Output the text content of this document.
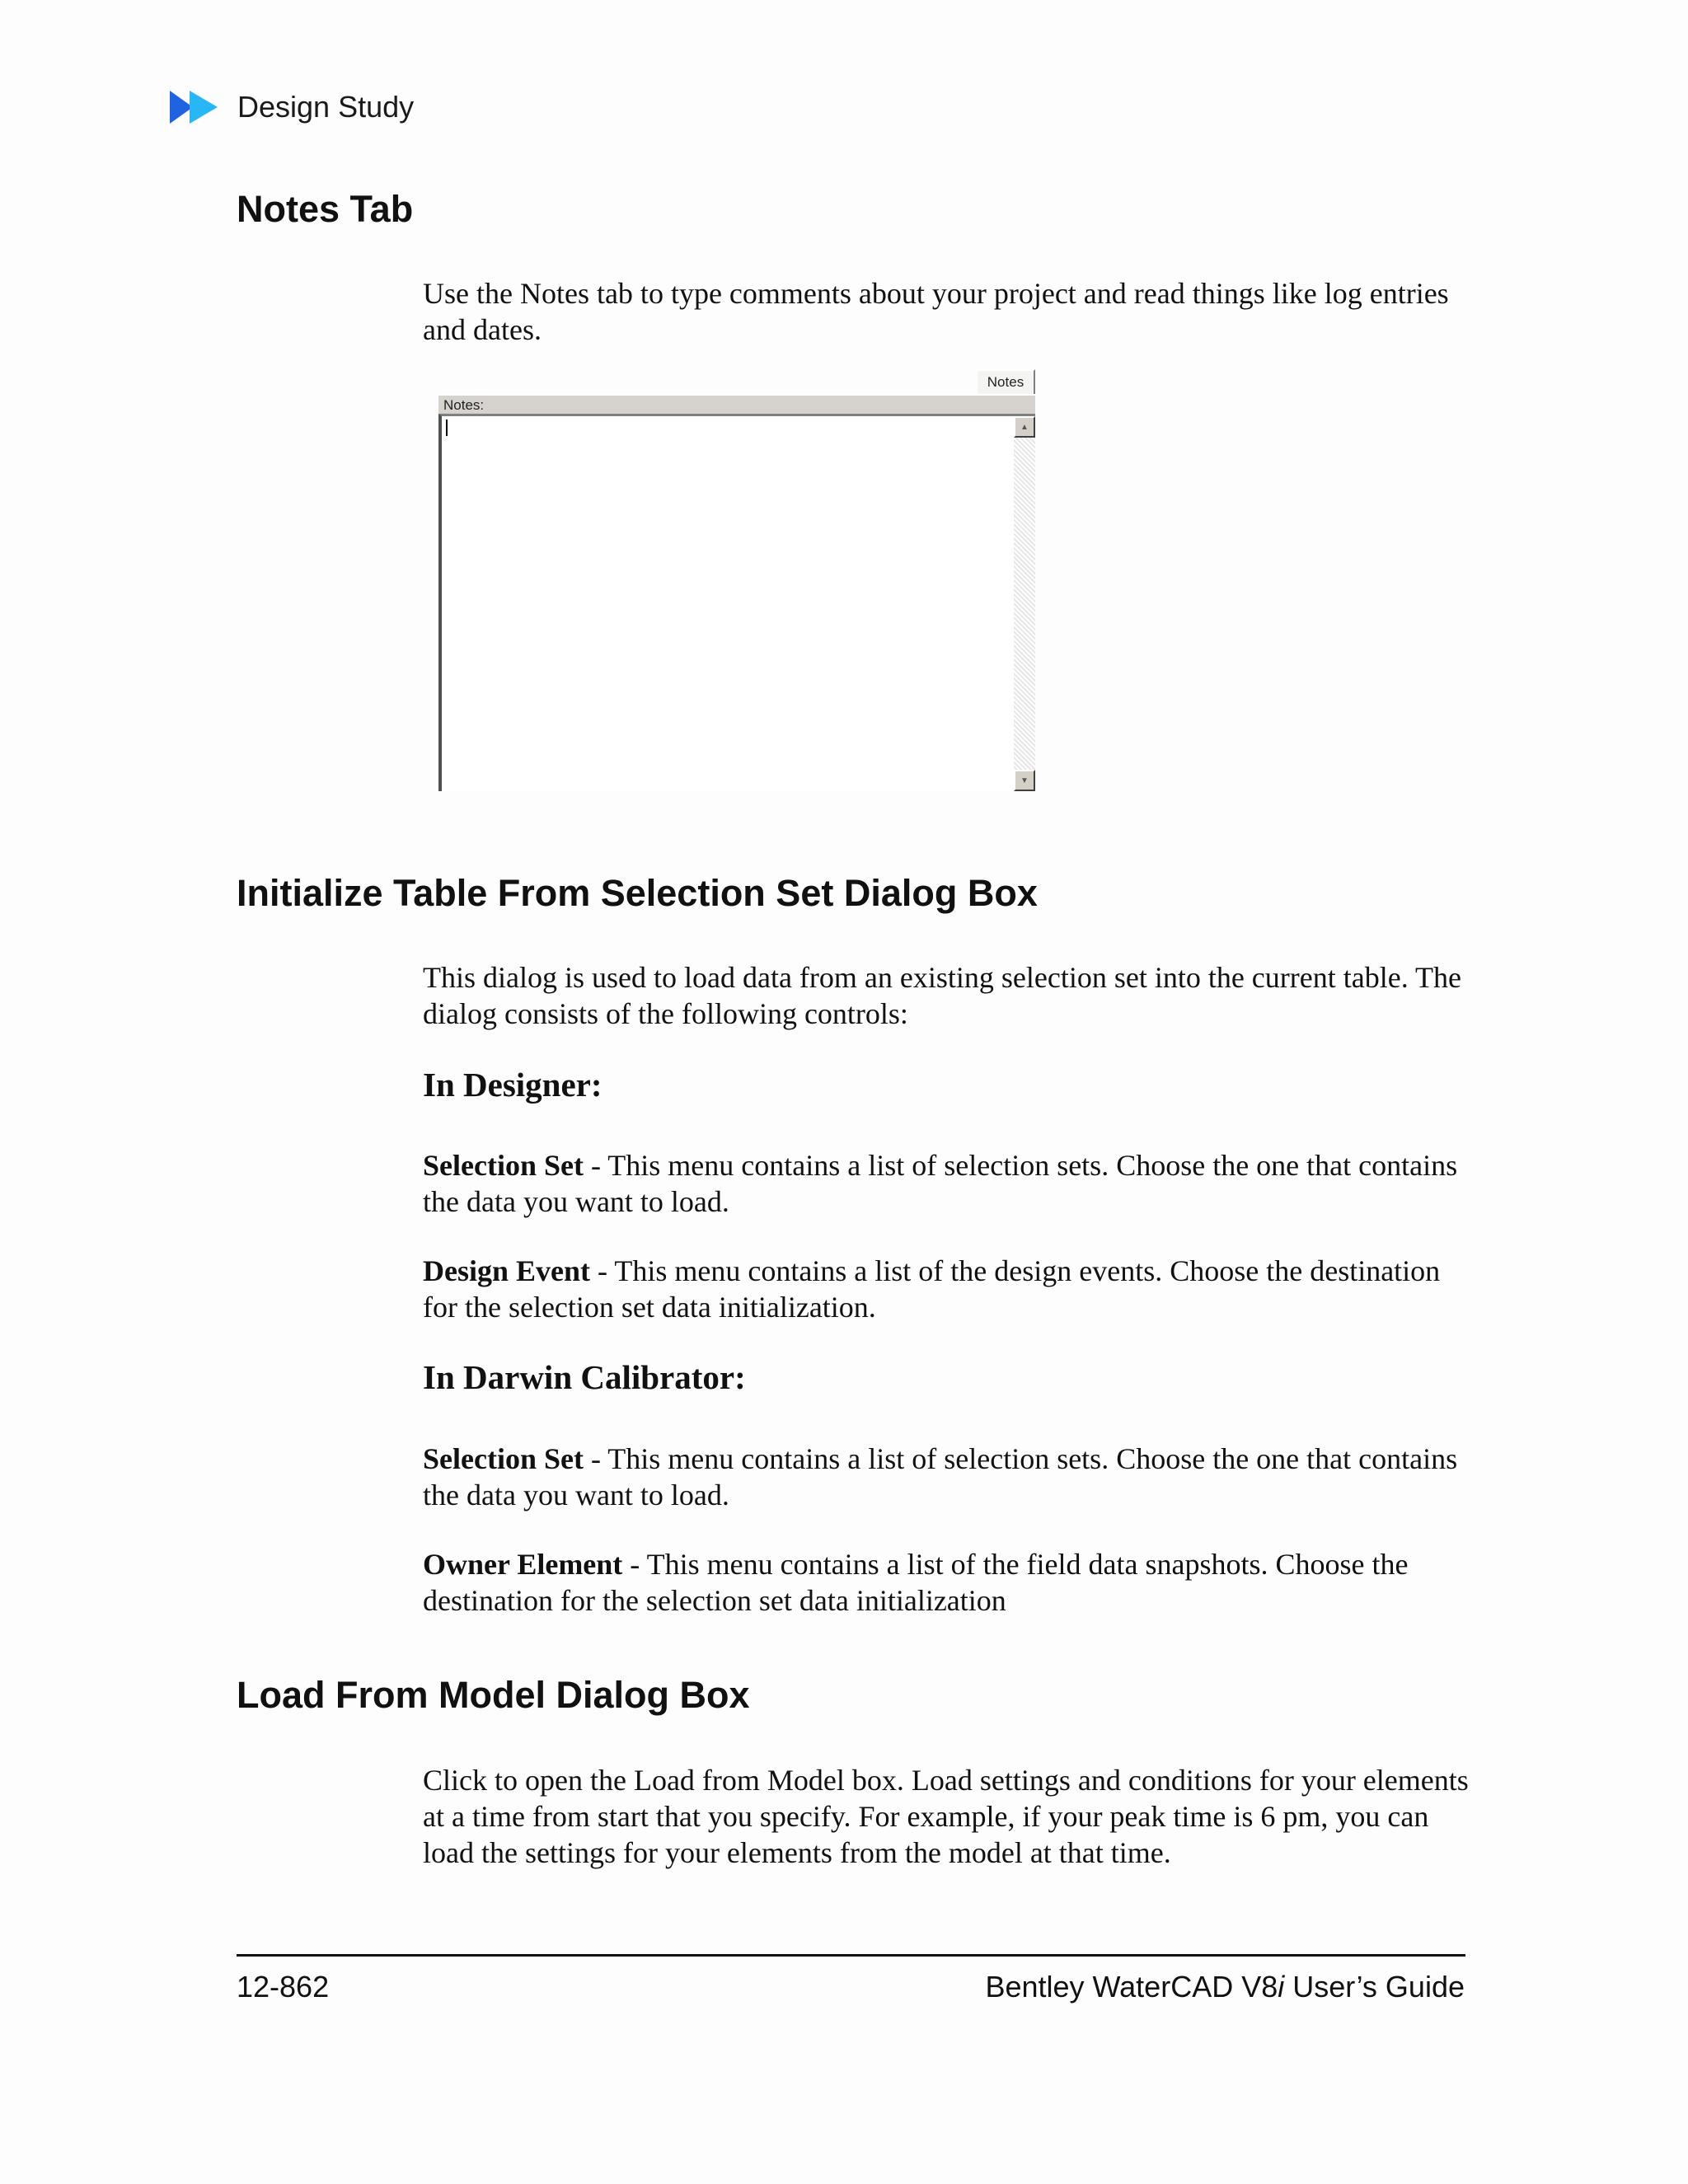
Design Study
Notes Tab

Use the Notes tab to type comments about your project and read things like log entries and dates.

Notes
Notes:
▲
▼
Initialize Table From Selection Set Dialog Box

This dialog is used to load data from an existing selection set into the current table. The dialog consists of the following controls:

In Designer:

Selection Set - This menu contains a list of selection sets. Choose the one that contains the data you want to load.

Design Event - This menu contains a list of the design events. Choose the destination for the selection set data initialization.

In Darwin Calibrator:

Selection Set - This menu contains a list of selection sets. Choose the one that contains the data you want to load.

Owner Element - This menu contains a list of the field data snapshots. Choose the destination for the selection set data initialization

Load From Model Dialog Box

Click to open the Load from Model box. Load settings and conditions for your elements at a time from start that you specify. For example, if your peak time is 6 pm, you can load the settings for your elements from the model at that time.

12-862	Bentley WaterCAD V8i User’s Guide
